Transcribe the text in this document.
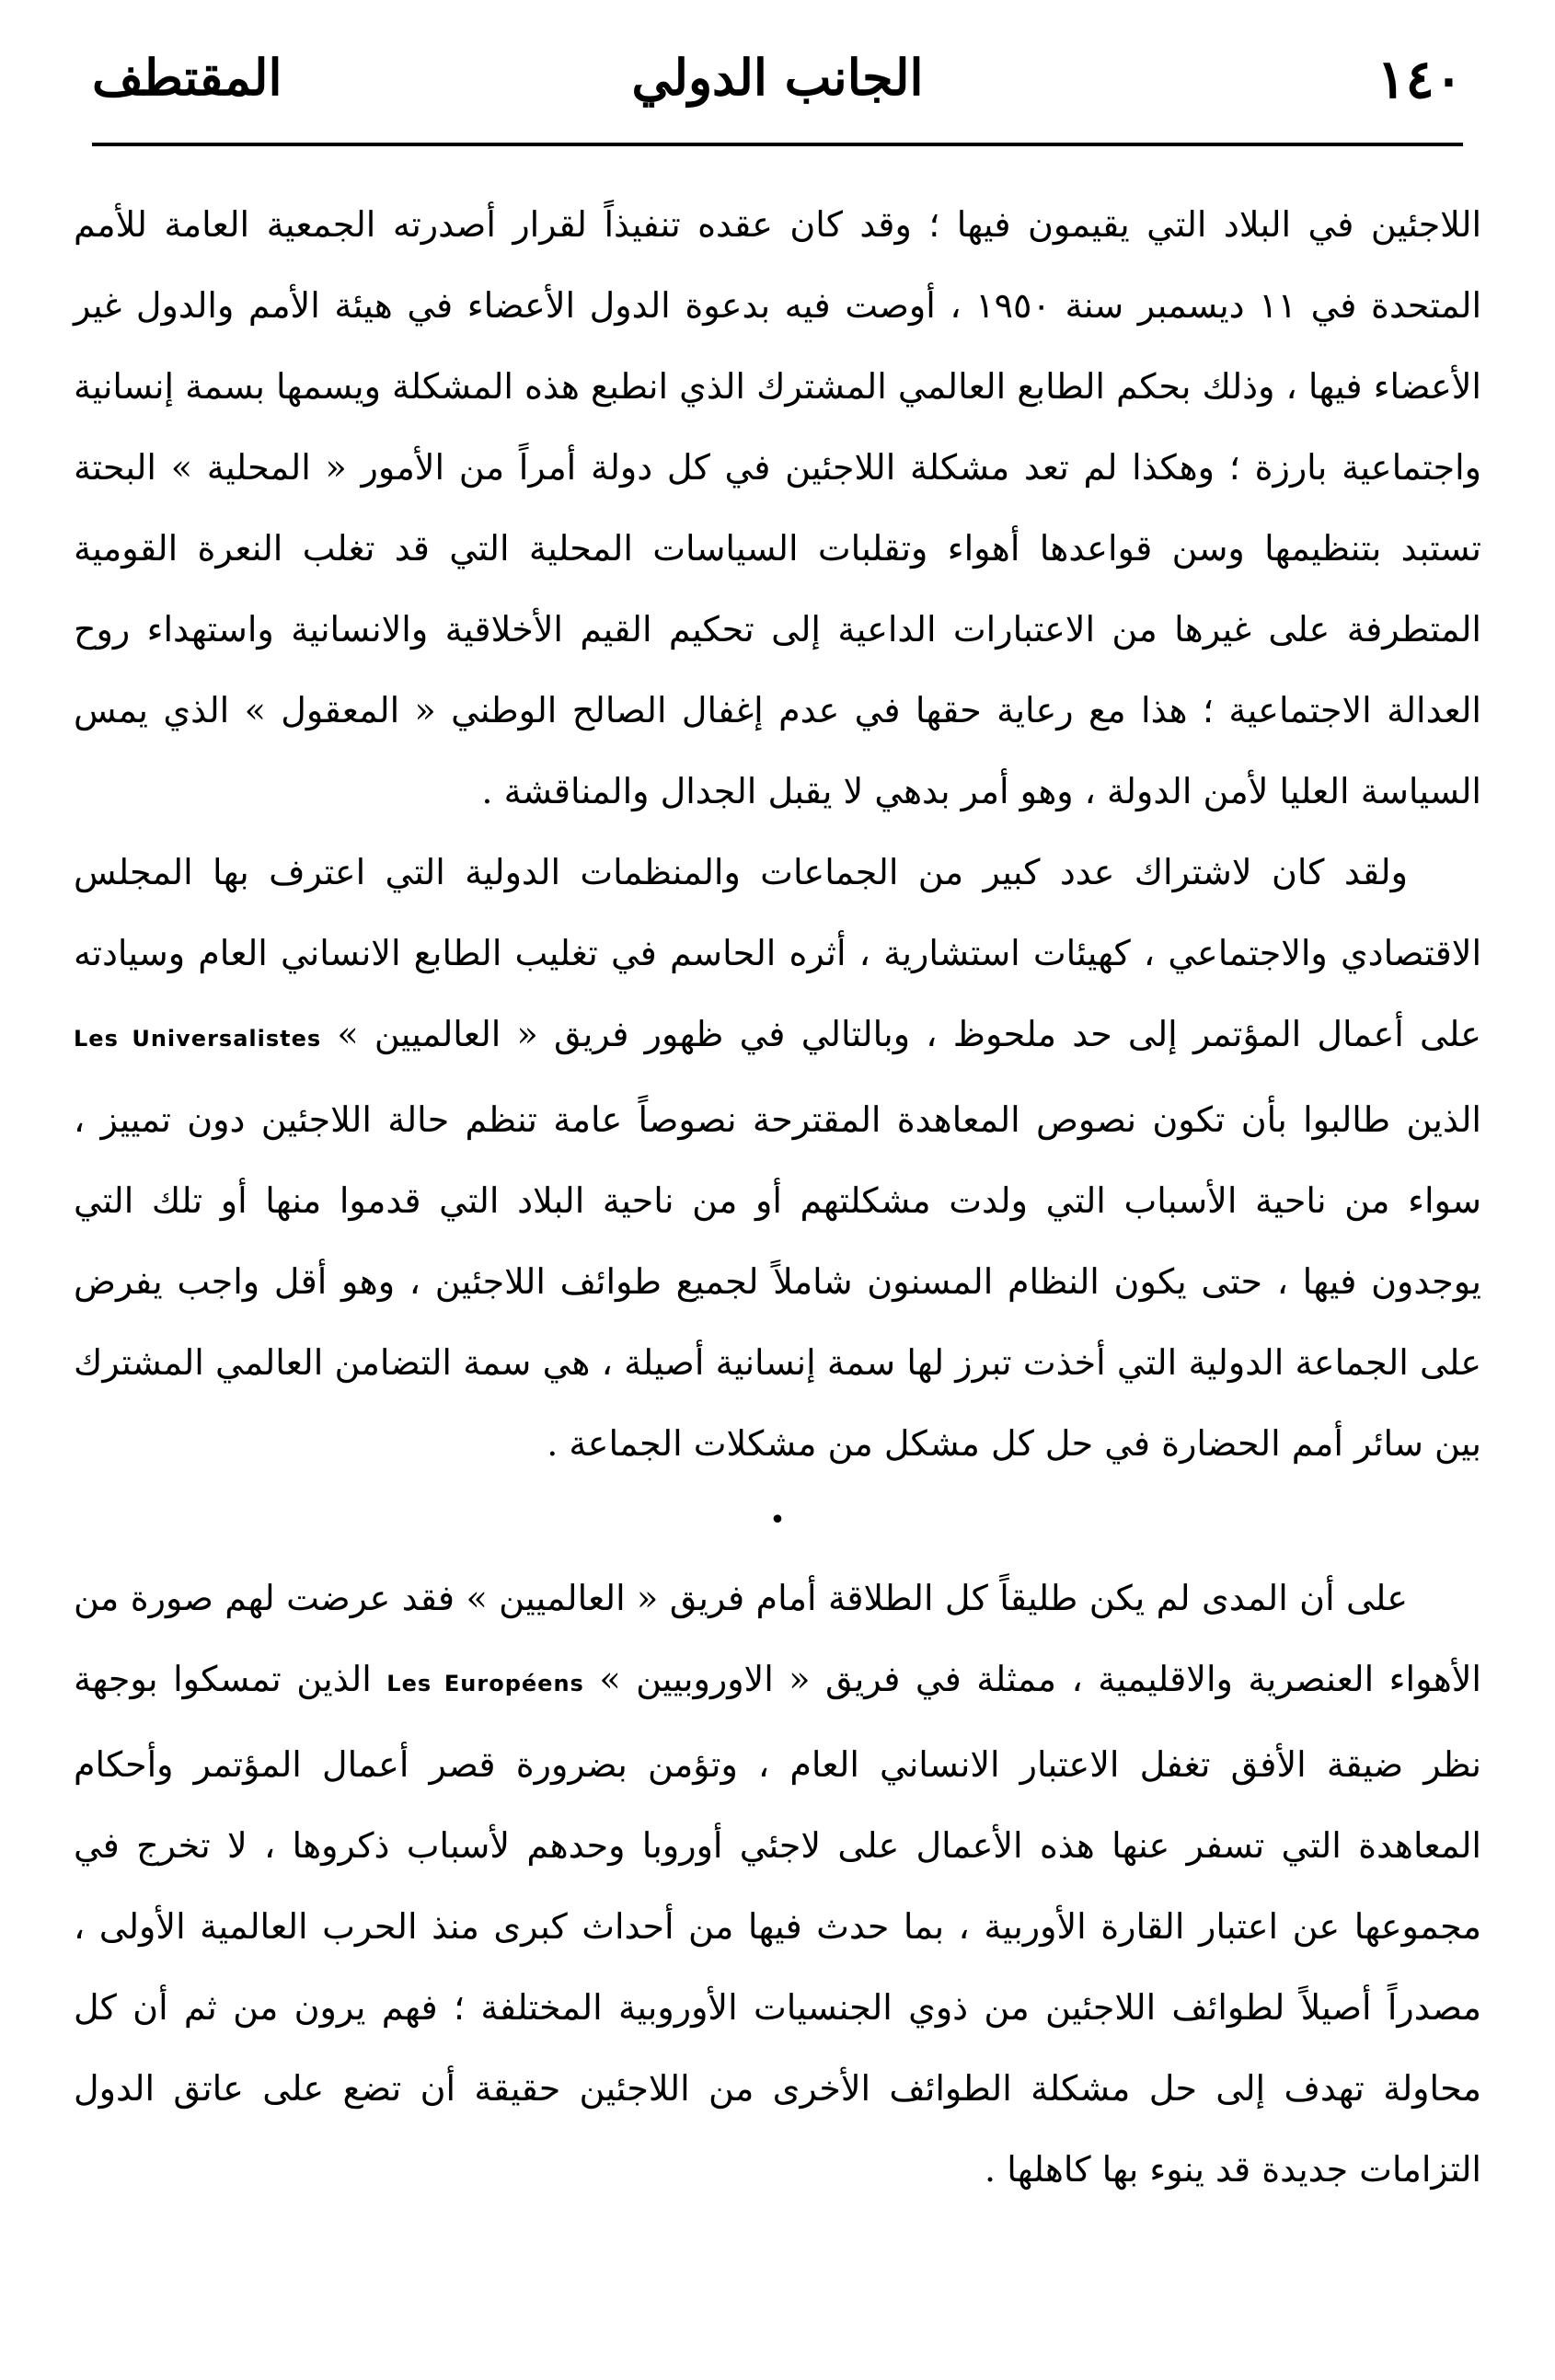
١٤٠
الجانب الدولي
المقتطف

اللاجئين في البلاد التي يقيمون فيها ؛ وقد كان عقده تنفيذاً لقرار أصدرته الجمعية العامة للأمم المتحدة في ١١ ديسمبر سنة ١٩٥٠ ، أوصت فيه بدعوة الدول الأعضاء في هيئة الأمم والدول غير الأعضاء فيها ، وذلك بحكم الطابع العالمي المشترك الذي انطبع هذه المشكلة ويسمها بسمة إنسانية واجتماعية بارزة ؛ وهكذا لم تعد مشكلة اللاجئين في كل دولة أمراً من الأمور « المحلية » البحتة تستبد بتنظيمها وسن قواعدها أهواء وتقلبات السياسات المحلية التي قد تغلب النعرة القومية المتطرفة على غيرها من الاعتبارات الداعية إلى تحكيم القيم الأخلاقية والانسانية واستهداء روح العدالة الاجتماعية ؛ هذا مع رعاية حقها في عدم إغفال الصالح الوطني « المعقول » الذي يمس السياسة العليا لأمن الدولة ، وهو أمر بدهي لا يقبل الجدال والمناقشة .

ولقد كان لاشتراك عدد كبير من الجماعات والمنظمات الدولية التي اعترف بها المجلس الاقتصادي والاجتماعي ، كهيئات استشارية ، أثره الحاسم في تغليب الطابع الانساني العام وسيادته على أعمال المؤتمر إلى حد ملحوظ ، وبالتالي في ظهور فريق « العالميين » Les Universalistes الذين طالبوا بأن تكون نصوص المعاهدة المقترحة نصوصاً عامة تنظم حالة اللاجئين دون تمييز ، سواء من ناحية الأسباب التي ولدت مشكلتهم أو من ناحية البلاد التي قدموا منها أو تلك التي يوجدون فيها ، حتى يكون النظام المسنون شاملاً لجميع طوائف اللاجئين ، وهو أقل واجب يفرض على الجماعة الدولية التي أخذت تبرز لها سمة إنسانية أصيلة ، هي سمة التضامن العالمي المشترك بين سائر أمم الحضارة في حل كل مشكل من مشكلات الجماعة .

•

على أن المدى لم يكن طليقاً كل الطلاقة أمام فريق « العالميين » فقد عرضت لهم صورة من الأهواء العنصرية والاقليمية ، ممثلة في فريق « الاوروبيين » Les Européens الذين تمسكوا بوجهة نظر ضيقة الأفق تغفل الاعتبار الانساني العام ، وتؤمن بضرورة قصر أعمال المؤتمر وأحكام المعاهدة التي تسفر عنها هذه الأعمال على لاجئي أوروبا وحدهم لأسباب ذكروها ، لا تخرج في مجموعها عن اعتبار القارة الأوربية ، بما حدث فيها من أحداث كبرى منذ الحرب العالمية الأولى ، مصدراً أصيلاً لطوائف اللاجئين من ذوي الجنسيات الأوروبية المختلفة ؛ فهم يرون من ثم أن كل محاولة تهدف إلى حل مشكلة الطوائف الأخرى من اللاجئين حقيقة أن تضع على عاتق الدول التزامات جديدة قد ينوء بها كاهلها .
